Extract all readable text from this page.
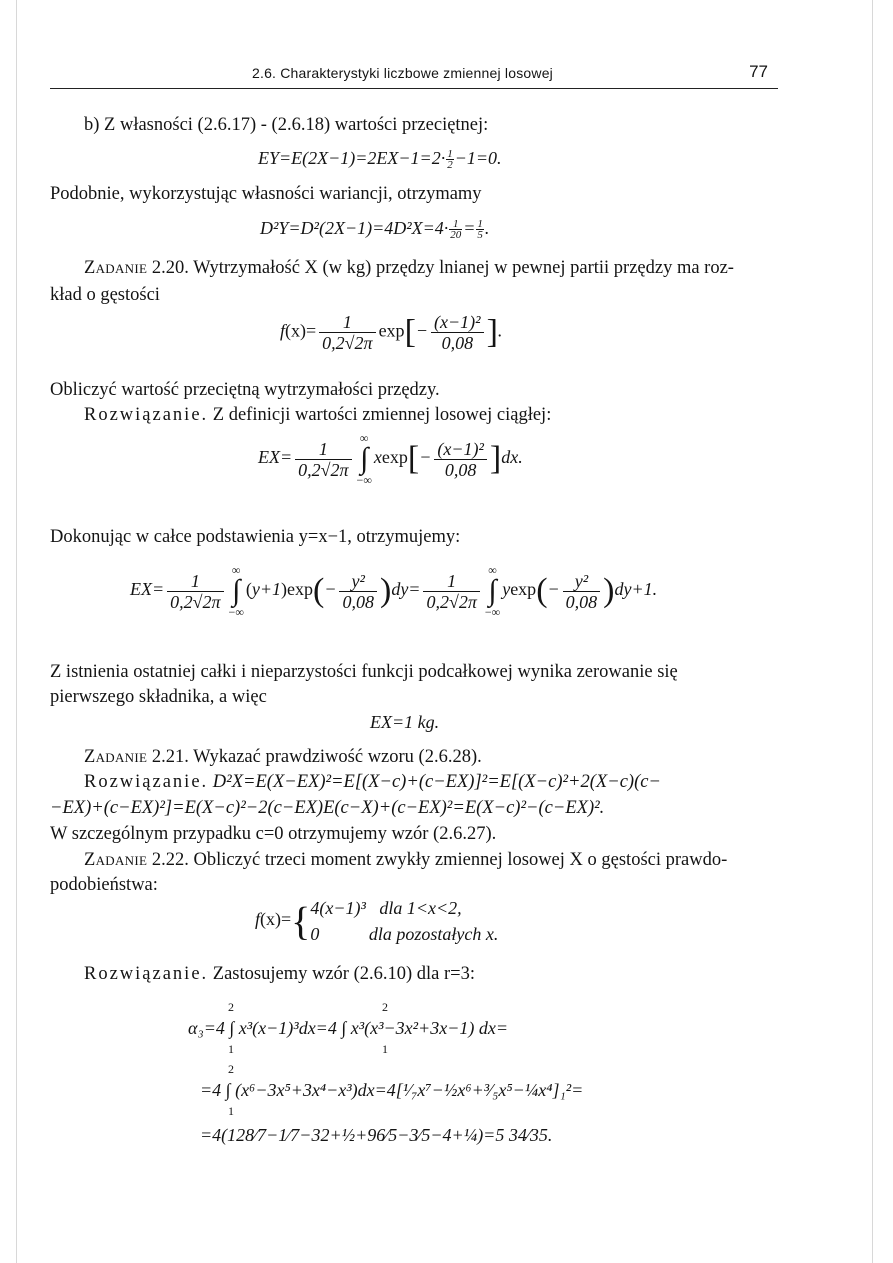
2.6. Charakterystyki liczbowe zmiennej losowej	77
b) Z własności (2.6.17) - (2.6.18) wartości przeciętnej:
$EY=E(2X-1)=2EX-1=2\cdot \frac{1}{2} -1=0$.
Podobnie, wykorzystując własności wariancji, otrzymamy
$D^2Y=D^2(2X-1)=4D^2X=4\cdot \frac{1}{20} = \frac{1}{5}$ .
Zadanie 2.20. Wytrzymałość X (w kg) przędzy lnianej w pewnej partii przędzy ma roz-
kład o gęstości
$f(x)= \frac{1}{0,2√2\pi} \exp[- \frac{\text{(x−1)²}}{0,08}$ ].
Obliczyć wartość przeciętną wytrzymałości przędzy.
Rozwiązanie. Z definicji wartości zmiennej losowej ciągłej:
$EX= \frac{1}{0,2√2\pi}$
∞
∫
$-\infty xexp[- \frac{\text{(x−1)²}}{0,08} ]dx$.
Dokonując w całce podstawienia y=x−1, otrzymujemy:
$EX= \frac{1}{0,2√2\pi}$
∞
∫
$-\infty(y+1)\exp(- \frac{\text{y²}}{0,08} )dy= \frac{1}{0,2√2\pi}$
∞
∫
$-\infty yexp(- \frac{\text{y²}}{0,08} )dy+1$.
Z istnienia ostatniej całki i nieparzystości funkcji podcałkowej wynika zerowanie się
pierwszego składnika, a więc
EX=1 kg.
Zadanie 2.21. Wykazać prawdziwość wzoru (2.6.28).
Rozwiązanie. D²X=E(X−EX)²=E[(X−c)+(c−EX)]²=E[(X−c)²+2(X−c)(c−
−EX)+(c−EX)²]=E(X−c)²−2(c−EX)E(c−X)+(c−EX)²=E(X−c)²−(c−EX)².
W szczególnym przypadku c=0 otrzymujemy wzór (2.6.27).
Zadanie 2.22. Obliczyć trzeci moment zwykły zmiennej losowej X o gęstości prawdo-
podobieństwa:
f(x)={ 4(x−1)³   dla 1<x<2,
0           dla pozostałych x.
Rozwiązanie. Zastosujemy wzór (2.6.10) dla r=3:
α₃=4 ∫ x³(x−1)³dx=4 ∫ x³(x³−3x²+3x−1) dx=
=4 ∫ (x⁶−3x⁵+3x⁴−x³)dx=4[¹⁄₇x⁷−½x⁶+³⁄₅x⁵−¼x⁴]₁²=
=4(128⁄7−1⁄7−32+½+96⁄5−3⁄5−4+¼)=5 34⁄35.
2
1
2
1
2
1
